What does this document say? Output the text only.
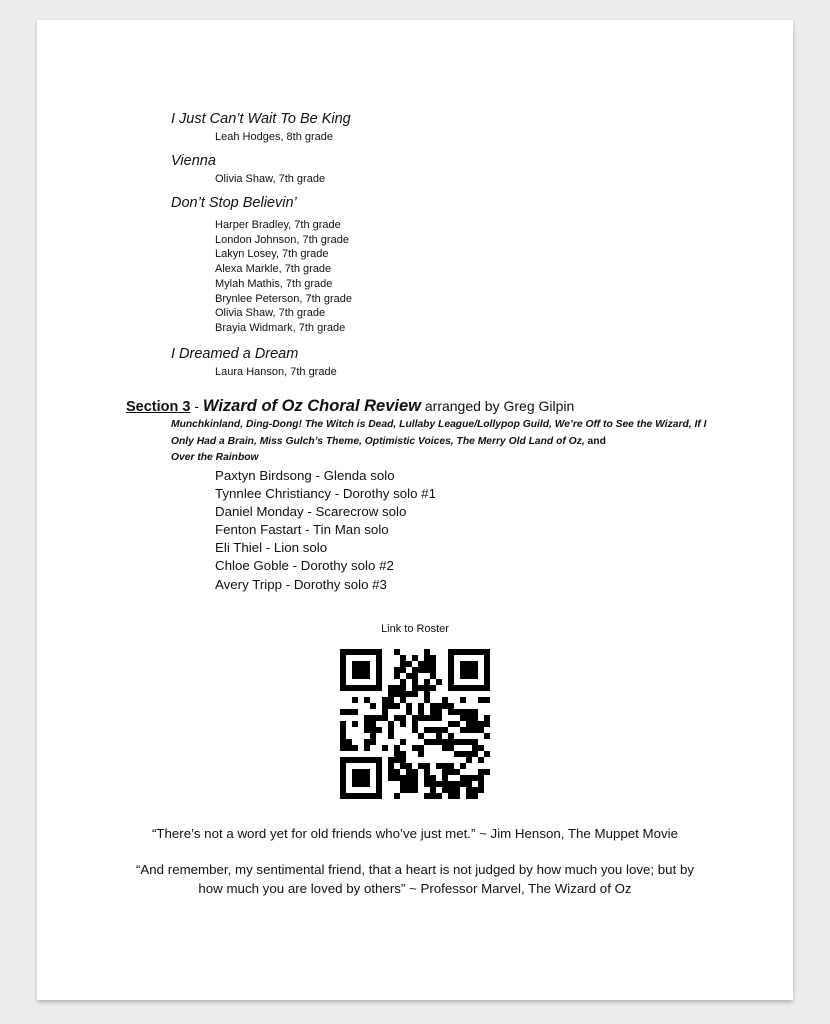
I Just Can’t Wait To Be King
Leah Hodges, 8th grade
Vienna
Olivia Shaw, 7th grade
Don’t Stop Believin’
Harper Bradley, 7th grade
London Johnson, 7th grade
Lakyn Losey, 7th grade
Alexa Markle, 7th grade
Mylah Mathis, 7th grade
Brynlee Peterson, 7th grade
Olivia Shaw, 7th grade
Brayia Widmark, 7th grade
I Dreamed a Dream
Laura Hanson, 7th grade
Section 3 - Wizard of Oz Choral Review arranged by Greg Gilpin
Munchkinland, Ding-Dong! The Witch is Dead, Lullaby League/Lollypop Guild, We’re Off to See the Wizard, If I Only Had a Brain, Miss Gulch’s Theme, Optimistic Voices, The Merry Old Land of Oz, and
Over the Rainbow
Paxtyn Birdsong - Glenda solo
Tynnlee Christiancy - Dorothy solo #1
Daniel Monday - Scarecrow solo
Fenton Fastart - Tin Man solo
Eli Thiel - Lion solo
Chloe Goble - Dorothy solo #2
Avery Tripp - Dorothy solo #3
Link to Roster
“There’s not a word yet for old friends who’ve just met.” ~ Jim Henson, The Muppet Movie
“And remember, my sentimental friend, that a heart is not judged by how much you love; but by
how much you are loved by others” ~ Professor Marvel, The Wizard of Oz
